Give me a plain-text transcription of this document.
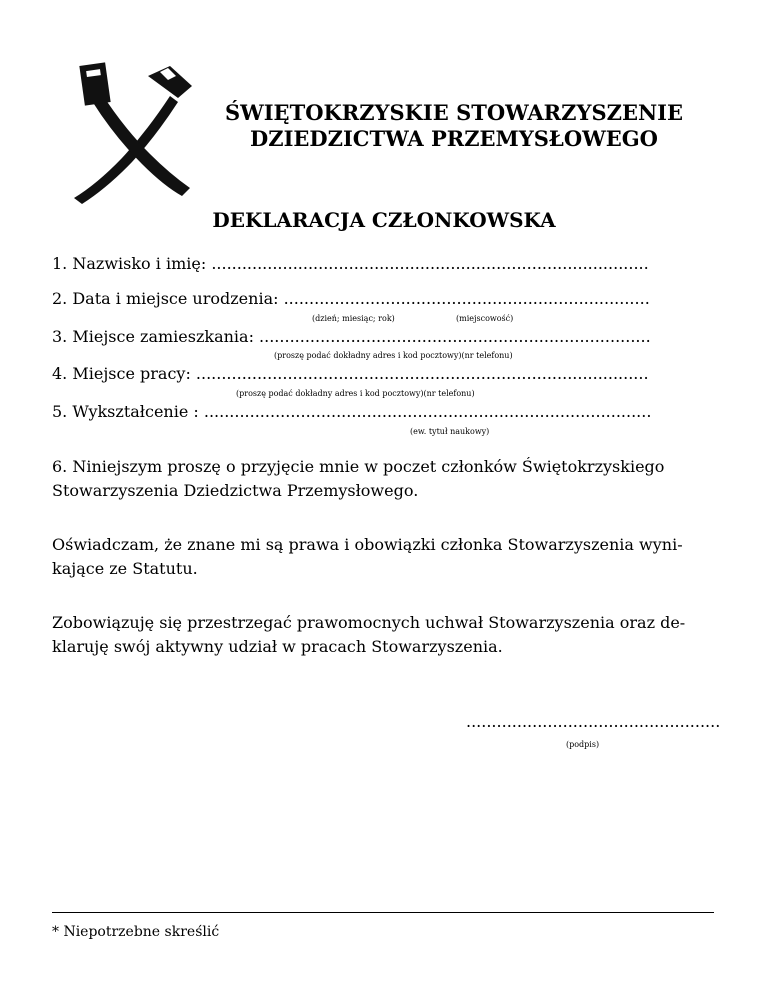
ŚWIĘTOKRZYSKIE STOWARZYSZENIE
DZIEDZICTWA PRZEMYSŁOWEGO
DEKLARACJA CZŁONKOWSKA
1. Nazwisko i imię: ......................................................................................
2. Data i miejsce urodzenia: ........................................................................
(dzień; miesiąc; rok)	(miejscowość)
3. Miejsce zamieszkania: .............................................................................
(proszę podać dokładny adres i kod pocztowy)(nr telefonu)
4. Miejsce pracy: .........................................................................................
(proszę podać dokładny adres i kod pocztowy)(nr telefonu)
5. Wykształcenie : ........................................................................................
(ew. tytuł naukowy)
6. Niniejszym proszę o przyjęcie mnie w poczet członków Świętokrzyskiego
Stowarzyszenia Dziedzictwa Przemysłowego.
Oświadczam, że znane mi są prawa i obowiązki członka Stowarzyszenia wyni-
kające ze Statutu.
Zobowiązuję się przestrzegać prawomocnych uchwał Stowarzyszenia oraz de-
klaruję swój aktywny udział w pracach Stowarzyszenia.
..................................................
(podpis)
* Niepotrzebne skreślić
